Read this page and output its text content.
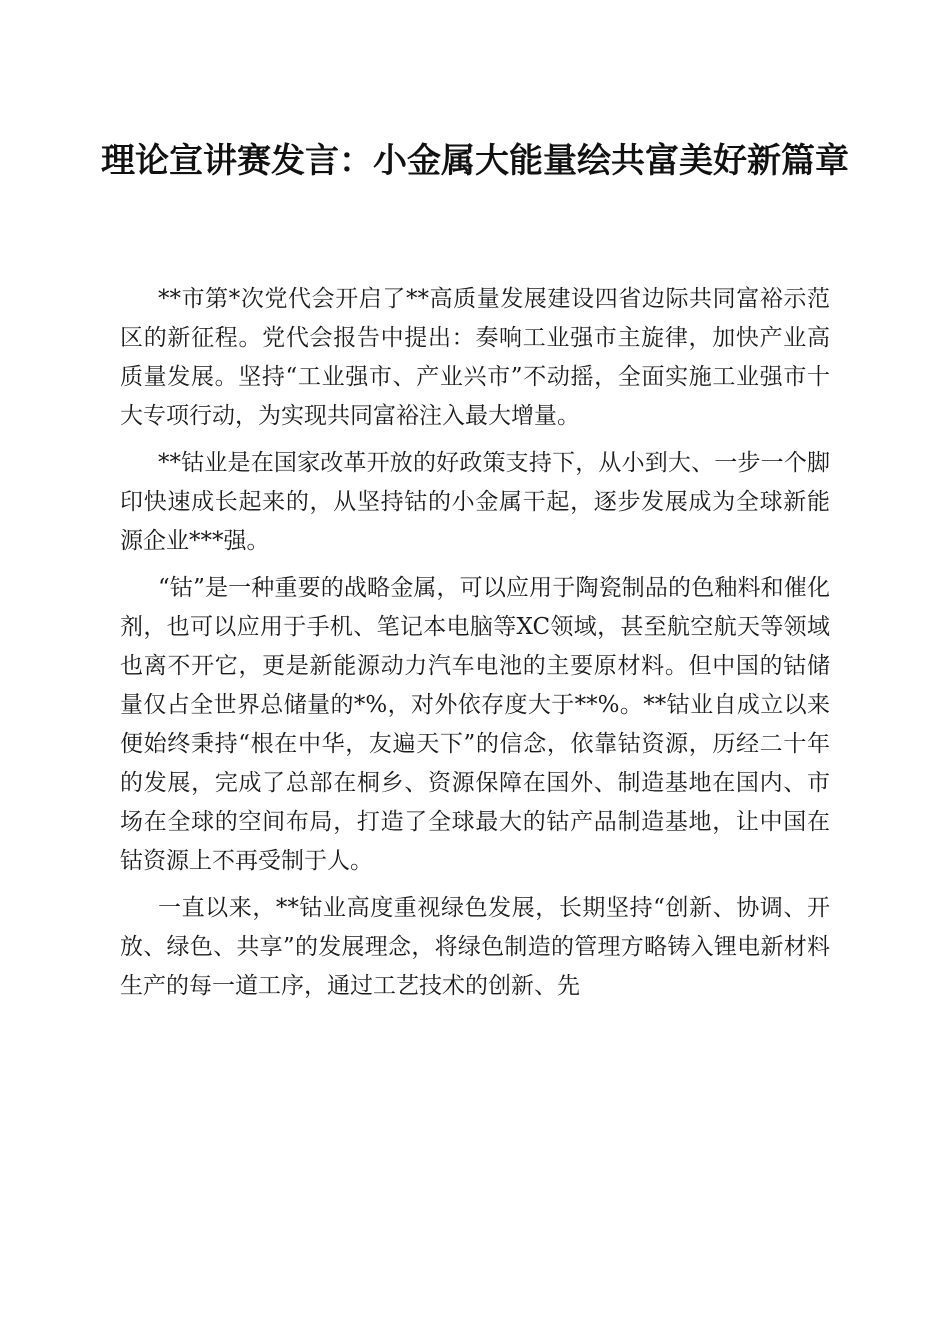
理论宣讲赛发言：小金属大能量绘共富美好新篇章

**市第*次党代会开启了**高质量发展建设四省边际共同富裕示范区的新征程。党代会报告中提出：奏响工业强市主旋律，加快产业高质量发展。坚持“工业强市、产业兴市”不动摇，全面实施工业强市十大专项行动，为实现共同富裕注入最大增量。

**钴业是在国家改革开放的好政策支持下，从小到大、一步一个脚印快速成长起来的，从坚持钴的小金属干起，逐步发展成为全球新能源企业***强。

“钴”是一种重要的战略金属，可以应用于陶瓷制品的色釉料和催化剂，也可以应用于手机、笔记本电脑等XC领域，甚至航空航天等领域也离不开它，更是新能源动力汽车电池的主要原材料。但中国的钴储量仅占全世界总储量的*%，对外依存度大于**%。**钴业自成立以来便始终秉持“根在中华，友遍天下”的信念，依靠钴资源，历经二十年的发展，完成了总部在桐乡、资源保障在国外、制造基地在国内、市场在全球的空间布局，打造了全球最大的钴产品制造基地，让中国在钴资源上不再受制于人。

一直以来，**钴业高度重视绿色发展，长期坚持“创新、协调、开放、绿色、共享”的发展理念，将绿色制造的管理方略铸入锂电新材料生产的每一道工序，通过工艺技术的创新、先
